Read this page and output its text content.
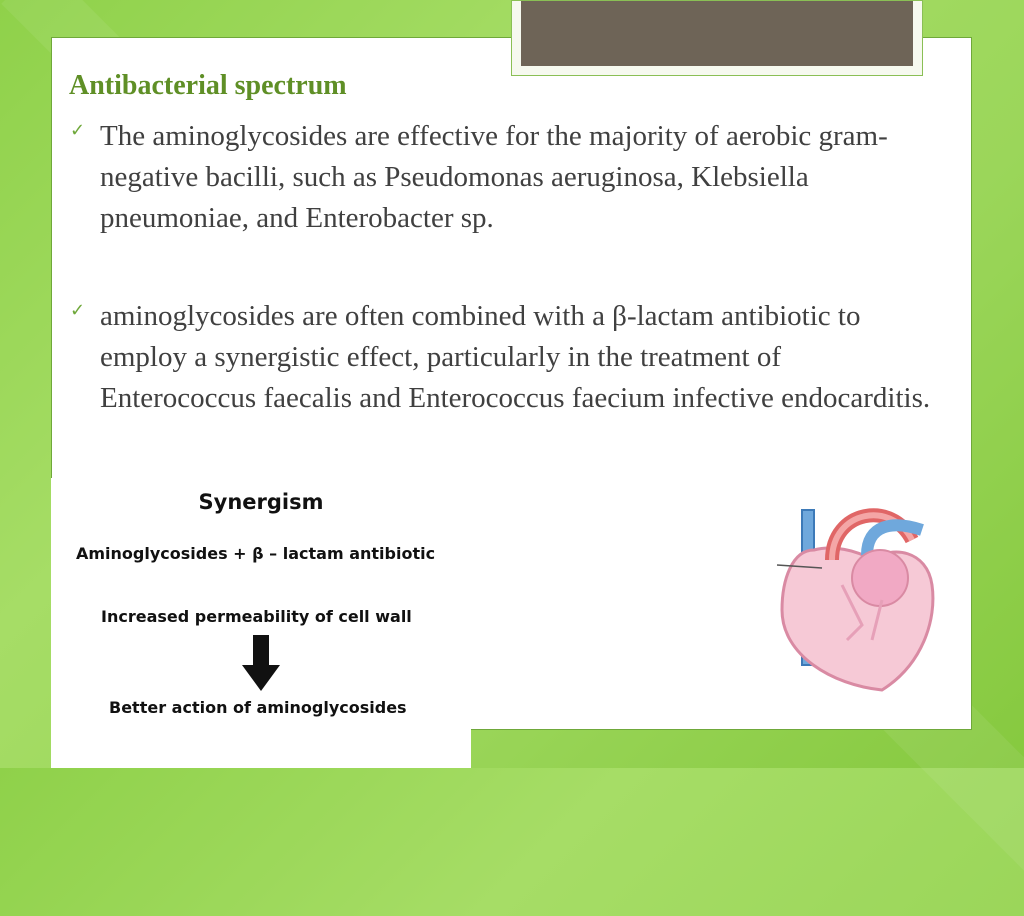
Antibacterial spectrum
✓ The aminoglycosides are effective for the majority of aerobic gram-negative bacilli, such as Pseudomonas aeruginosa, Klebsiella pneumoniae, and Enterobacter sp.

✓ aminoglycosides are often combined with a β-lactam antibiotic to employ a synergistic effect, particularly in the treatment of Enterococcus faecalis and Enterococcus faecium infective endocarditis.

Synergism
Aminoglycosides + β – lactam antibiotic
Increased permeability of cell wall
Better action of aminoglycosides
